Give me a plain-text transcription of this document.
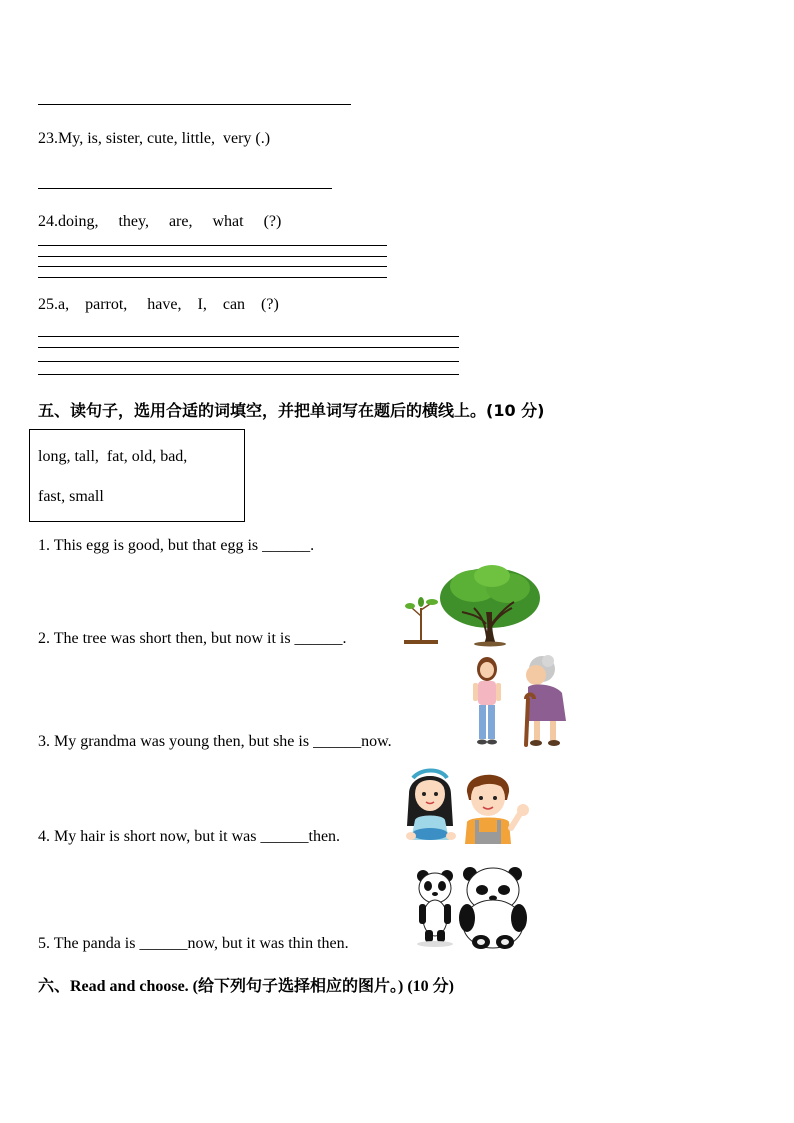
23.My, is, sister, cute, little,  very (.)
24.doing,     they,     are,     what     (?)
25.a,    parrot,     have,    I,    can    (?)
五、读句子，选用合适的词填空，并把单词写在题后的横线上。(10 分)
long, tall,  fat, old, bad,
fast, small
1. This egg is good, but that egg is ______.
2. The tree was short then, but now it is ______.
3. My grandma was young then, but she is ______now.
4. My hair is short now, but it was ______then.
5. The panda is ______now, but it was thin then.
六、Read and choose. (给下列句子选择相应的图片。) (10 分)
